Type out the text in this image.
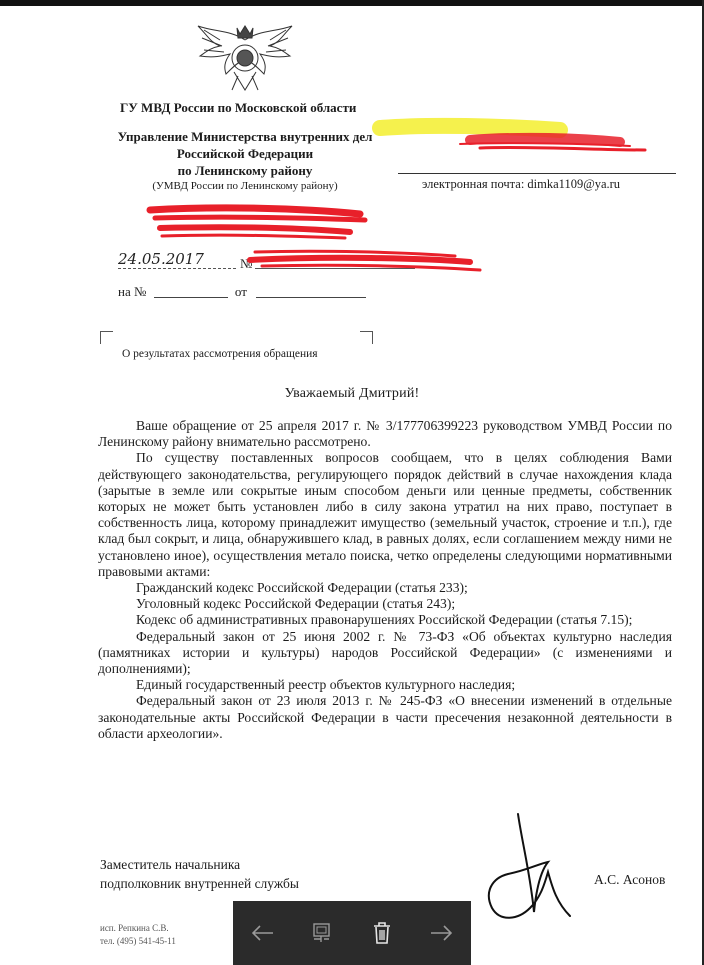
ГУ МВД России по Московской области
Управление Министерства внутренних дел
Российской Федерации
по Ленинскому району
(УМВД России по Ленинскому району)	электронная почта: dimka1109@ya.ru
24.05.2017	№
на №	от
О результатах рассмотрения обращения
Уважаемый Дмитрий!

Ваше обращение от 25 апреля 2017 г. № 3/177706399223 руководством УМВД России по Ленинскому району внимательно рассмотрено.

По существу поставленных вопросов сообщаем, что в целях соблюдения Вами действующего законодательства, регулирующего порядок действий в случае нахождения клада (зарытые в земле или сокрытые иным способом деньги или ценные предметы, собственник которых не может быть установлен либо в силу закона утратил на них право, поступает в собственность лица, которому принадлежит имущество (земельный участок, строение и т.п.), где клад был сокрыт, и лица, обнаружившего клад, в равных долях, если соглашением между ними не установлено иное), осуществления метало поиска, четко определены следующими нормативными правовыми актами:

Гражданский кодекс Российской Федерации (статья 233);

Уголовный кодекс Российской Федерации (статья 243);

Кодекс об административных правонарушениях Российской Федерации (статья 7.15);

Федеральный закон от 25 июня 2002 г. № 73-ФЗ «Об объектах культурно наследия (памятниках истории и культуры) народов Российской Федерации» (с изменениями и дополнениями);

Единый государственный реестр объектов культурного наследия;

Федеральный закон от 23 июля 2013 г. № 245-ФЗ «О внесении изменений в отдельные законодательные акты Российской Федерации в части пресечения незаконной деятельности в области археологии».

Заместитель начальника
подполковник внутренней службы	А.С. Асонов
исп. Репкина С.В.
тел. (495) 541-45-11
